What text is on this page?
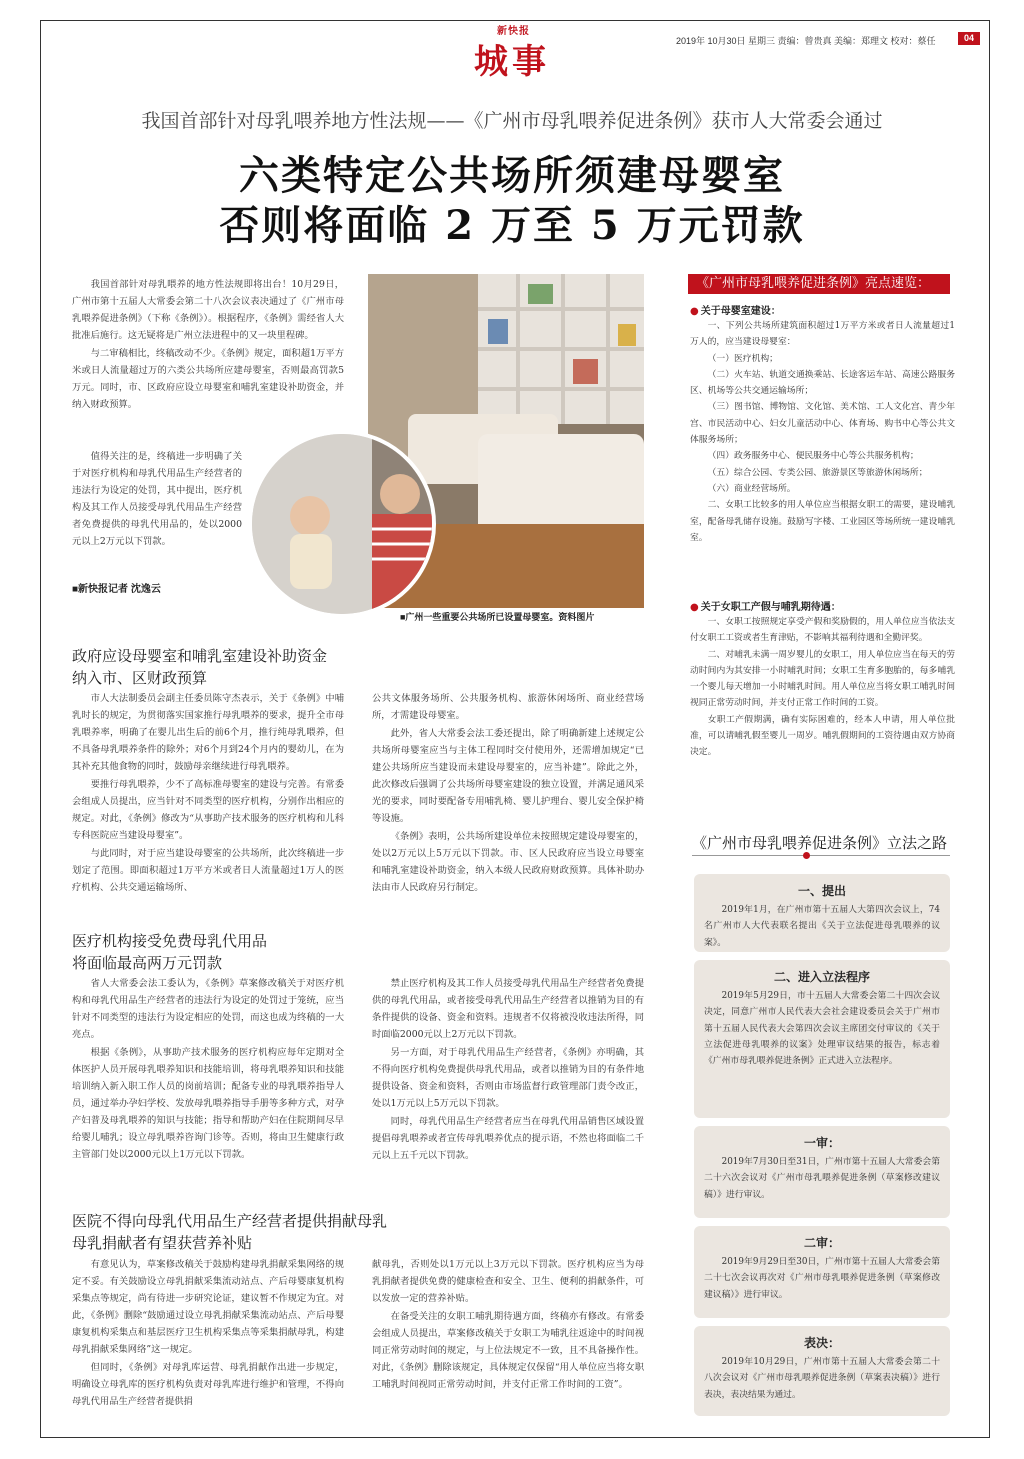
新快报
城事
2019年 10月30日 星期三 责编：曾贵真 美编：郑理文 校对：蔡任	04
我国首部针对母乳喂养地方性法规——《广州市母乳喂养促进条例》获市人大常委会通过
六类特定公共场所须建母婴室
否则将面临 2 万至 5 万元罚款

我国首部针对母乳喂养的地方性法规即将出台！10月29日，广州市第十五届人大常委会第二十八次会议表决通过了《广州市母乳喂养促进条例》（下称《条例》）。根据程序，《条例》需经省人大批准后施行。这无疑将是广州立法进程中的又一块里程碑。

与二审稿相比，终稿改动不少。《条例》规定，面积超1万平方米或日人流量超过万的六类公共场所应建母婴室，否则最高罚款5万元。同时，市、区政府应设立母婴室和哺乳室建设补助资金，并纳入财政预算。

值得关注的是，终稿进一步明确了关于对医疗机构和母乳代用品生产经营者的违法行为设定的处罚，其中提出，医疗机构及其工作人员接受母乳代用品生产经营者免费提供的母乳代用品的，处以2000元以上2万元以下罚款。

■新快报记者 沈逸云
■广州一些重要公共场所已设置母婴室。资料图片
政府应设母婴室和哺乳室建设补助资金
纳入市、区财政预算

市人大法制委员会副主任委员陈守杰表示，关于《条例》中哺乳时长的规定，为贯彻落实国家推行母乳喂养的要求，提升全市母乳喂养率，明确了在婴儿出生后的前6个月，推行纯母乳喂养，但不具备母乳喂养条件的除外；对6个月到24个月内的婴幼儿，在为其补充其他食物的同时，鼓励母亲继续进行母乳喂养。

要推行母乳喂养，少不了高标准母婴室的建设与完善。有常委会组成人员提出，应当针对不同类型的医疗机构，分别作出相应的规定。对此，《条例》修改为“从事助产技术服务的医疗机构和儿科专科医院应当建设母婴室”。

与此同时，对于应当建设母婴室的公共场所，此次终稿进一步划定了范围。即面积超过1万平方米或者日人流量超过1万人的医疗机构、公共交通运输场所、

公共文体服务场所、公共服务机构、旅游休闲场所、商业经营场所，才需建设母婴室。

此外，省人大常委会法工委还提出，除了明确新建上述规定公共场所母婴室应当与主体工程同时交付使用外，还需增加规定“已建公共场所应当建设而未建设母婴室的，应当补建”。除此之外，此次修改后强调了公共场所母婴室建设的独立设置，并满足通风采光的要求，同时要配备专用哺乳椅、婴儿护理台、婴儿安全保护椅等设施。

《条例》表明，公共场所建设单位未按照规定建设母婴室的，处以2万元以上5万元以下罚款。市、区人民政府应当设立母婴室和哺乳室建设补助资金，纳入本级人民政府财政预算。具体补助办法由市人民政府另行制定。

医疗机构接受免费母乳代用品
将面临最高两万元罚款

省人大常委会法工委认为，《条例》草案修改稿关于对医疗机构和母乳代用品生产经营者的违法行为设定的处罚过于笼统，应当针对不同类型的违法行为设定相应的处罚，而这也成为终稿的一大亮点。

根据《条例》，从事助产技术服务的医疗机构应每年定期对全体医护人员开展母乳喂养知识和技能培训，将母乳喂养知识和技能培训纳入新入职工作人员的岗前培训；配备专业的母乳喂养指导人员，通过举办孕妇学校、发放母乳喂养指导手册等多种方式，对孕产妇普及母乳喂养的知识与技能；指导和帮助产妇在住院期间尽早给婴儿哺乳；设立母乳喂养咨询门诊等。否则，将由卫生健康行政主管部门处以2000元以上1万元以下罚款。

禁止医疗机构及其工作人员接受母乳代用品生产经营者免费提供的母乳代用品，或者接受母乳代用品生产经营者以推销为目的有条件提供的设备、资金和资料。违规者不仅将被没收违法所得，同时面临2000元以上2万元以下罚款。

另一方面，对于母乳代用品生产经营者，《条例》亦明确，其不得向医疗机构免费提供母乳代用品，或者以推销为目的有条件地提供设备、资金和资料，否则由市场监督行政管理部门责令改正，处以1万元以上5万元以下罚款。

同时，母乳代用品生产经营者应当在母乳代用品销售区域设置提倡母乳喂养或者宣传母乳喂养优点的提示语，不然也将面临二千元以上五千元以下罚款。

医院不得向母乳代用品生产经营者提供捐献母乳
母乳捐献者有望获营养补贴

有意见认为，草案修改稿关于鼓励构建母乳捐献采集网络的规定不妥。有关鼓励设立母乳捐献采集流动站点、产后母婴康复机构采集点等规定，尚有待进一步研究论证，建议暂不作规定为宜。对此，《条例》删除“鼓励通过设立母乳捐献采集流动站点、产后母婴康复机构采集点和基层医疗卫生机构采集点等采集捐献母乳，构建母乳捐献采集网络”这一规定。

但同时，《条例》对母乳库运营、母乳捐献作出进一步规定，明确设立母乳库的医疗机构负责对母乳库进行维护和管理，不得向母乳代用品生产经营者提供捐

献母乳，否则处以1万元以上3万元以下罚款。医疗机构应当为母乳捐献者提供免费的健康检查和安全、卫生、便利的捐献条件，可以发放一定的营养补贴。

在备受关注的女职工哺乳期待遇方面，终稿亦有修改。有常委会组成人员提出，草案修改稿关于女职工为哺乳往返途中的时间视同正常劳动时间的规定，与上位法规定不一致，且不具备操作性。对此，《条例》删除该规定，具体规定仅保留“用人单位应当将女职工哺乳时间视同正常劳动时间，并支付正常工作时间的工资”。

《广州市母乳喂养促进条例》亮点速览：
● 关于母婴室建设：

一、下列公共场所建筑面积超过1万平方米或者日人流量超过1万人的，应当建设母婴室：

（一）医疗机构；

（二）火车站、轨道交通换乘站、长途客运车站、高速公路服务区、机场等公共交通运输场所；

（三）图书馆、博物馆、文化馆、美术馆、工人文化宫、青少年宫、市民活动中心、妇女儿童活动中心、体育场、购书中心等公共文体服务场所；

（四）政务服务中心、便民服务中心等公共服务机构；

（五）综合公园、专类公园、旅游景区等旅游休闲场所；

（六）商业经营场所。

二、女职工比较多的用人单位应当根据女职工的需要，建设哺乳室，配备母乳储存设施。鼓励写字楼、工业园区等场所统一建设哺乳室。

● 关于女职工产假与哺乳期待遇：

一、女职工按照规定享受产假和奖励假的，用人单位应当依法支付女职工工资或者生育津贴，不影响其福利待遇和全勤评奖。

二、对哺乳未满一周岁婴儿的女职工，用人单位应当在每天的劳动时间内为其安排一小时哺乳时间；女职工生育多胞胎的，每多哺乳一个婴儿每天增加一小时哺乳时间。用人单位应当将女职工哺乳时间视同正常劳动时间，并支付正常工作时间的工资。

女职工产假期满，确有实际困难的，经本人申请，用人单位批准，可以请哺乳假至婴儿一周岁。哺乳假期间的工资待遇由双方协商决定。

《广州市母乳喂养促进条例》立法之路
一、提出

2019年1月，在广州市第十五届人大第四次会议上，74名广州市人大代表联名提出《关于立法促进母乳喂养的议案》。

二、进入立法程序

2019年5月29日，市十五届人大常委会第二十四次会议决定，同意广州市人民代表大会社会建设委员会关于广州市第十五届人民代表大会第四次会议主席团交付审议的《关于立法促进母乳喂养的议案》处理审议结果的报告，标志着《广州市母乳喂养促进条例》正式进入立法程序。

一审：

2019年7月30日至31日，广州市第十五届人大常委会第二十六次会议对《广州市母乳喂养促进条例（草案修改建议稿）》进行审议。

二审：

2019年9月29日至30日，广州市第十五届人大常委会第二十七次会议再次对《广州市母乳喂养促进条例（草案修改建议稿）》进行审议。

表决：

2019年10月29日，广州市第十五届人大常委会第二十八次会议对《广州市母乳喂养促进条例（草案表决稿）》进行表决，表决结果为通过。
